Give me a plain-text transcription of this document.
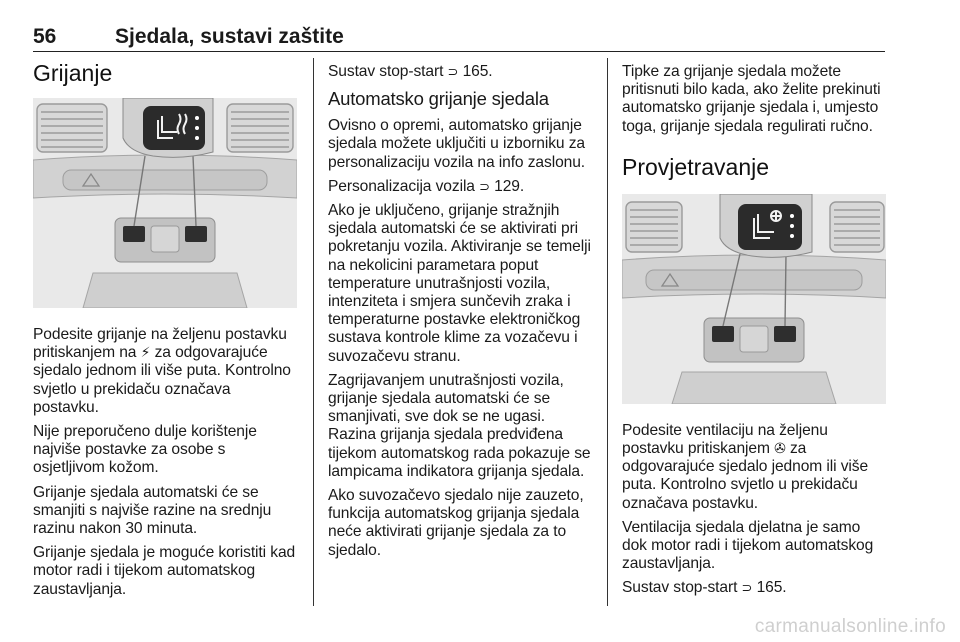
56	Sjedala, sustavi zaštite
Grijanje

Podesite grijanje na željenu postavku pritiskanjem na ⚡ za odgovarajuće sjedalo jednom ili više puta. Kontrolno svjetlo u prekidaču označava postavku.

Nije preporučeno dulje korištenje najviše postavke za osobe s osjetljivom kožom.

Grijanje sjedala automatski će se smanjiti s najviše razine na srednju razinu nakon 30 minuta.

Grijanje sjedala je moguće koristiti kad motor radi i tijekom automatskog zaustavljanja.

Sustav stop-start ⊃ 165.

Automatsko grijanje sjedala

Ovisno o opremi, automatsko grijanje sjedala možete uključiti u izborniku za personalizaciju vozila na info zaslonu.

Personalizacija vozila ⊃ 129.

Ako je uključeno, grijanje stražnjih sjedala automatski će se aktivirati pri pokretanju vozila. Aktiviranje se temelji na nekolicini parametara poput temperature unutrašnjosti vozila, intenziteta i smjera sunčevih zraka i temperaturne postavke elektroničkog sustava kontrole klime za vozačevu i suvozačevu stranu.

Zagrijavanjem unutrašnjosti vozila, grijanje sjedala automatski će se smanjivati, sve dok se ne ugasi. Razina grijanja sjedala predviđena tijekom automatskog rada pokazuje se lampicama indikatora grijanja sjedala.

Ako suvozačevo sjedalo nije zauzeto, funkcija automatskog grijanja sjedala neće aktivirati grijanje sjedala za to sjedalo.

Tipke za grijanje sjedala možete pritisnuti bilo kada, ako želite prekinuti automatsko grijanje sjedala i, umjesto toga, grijanje sjedala regulirati ručno.

Provjetravanje

Podesite ventilaciju na željenu postavku pritiskanjem ✇ za odgovarajuće sjedalo jednom ili više puta. Kontrolno svjetlo u prekidaču označava postavku.

Ventilacija sjedala djelatna je samo dok motor radi i tijekom automatskog zaustavljanja.

Sustav stop-start ⊃ 165.

carmanualsonline.info
